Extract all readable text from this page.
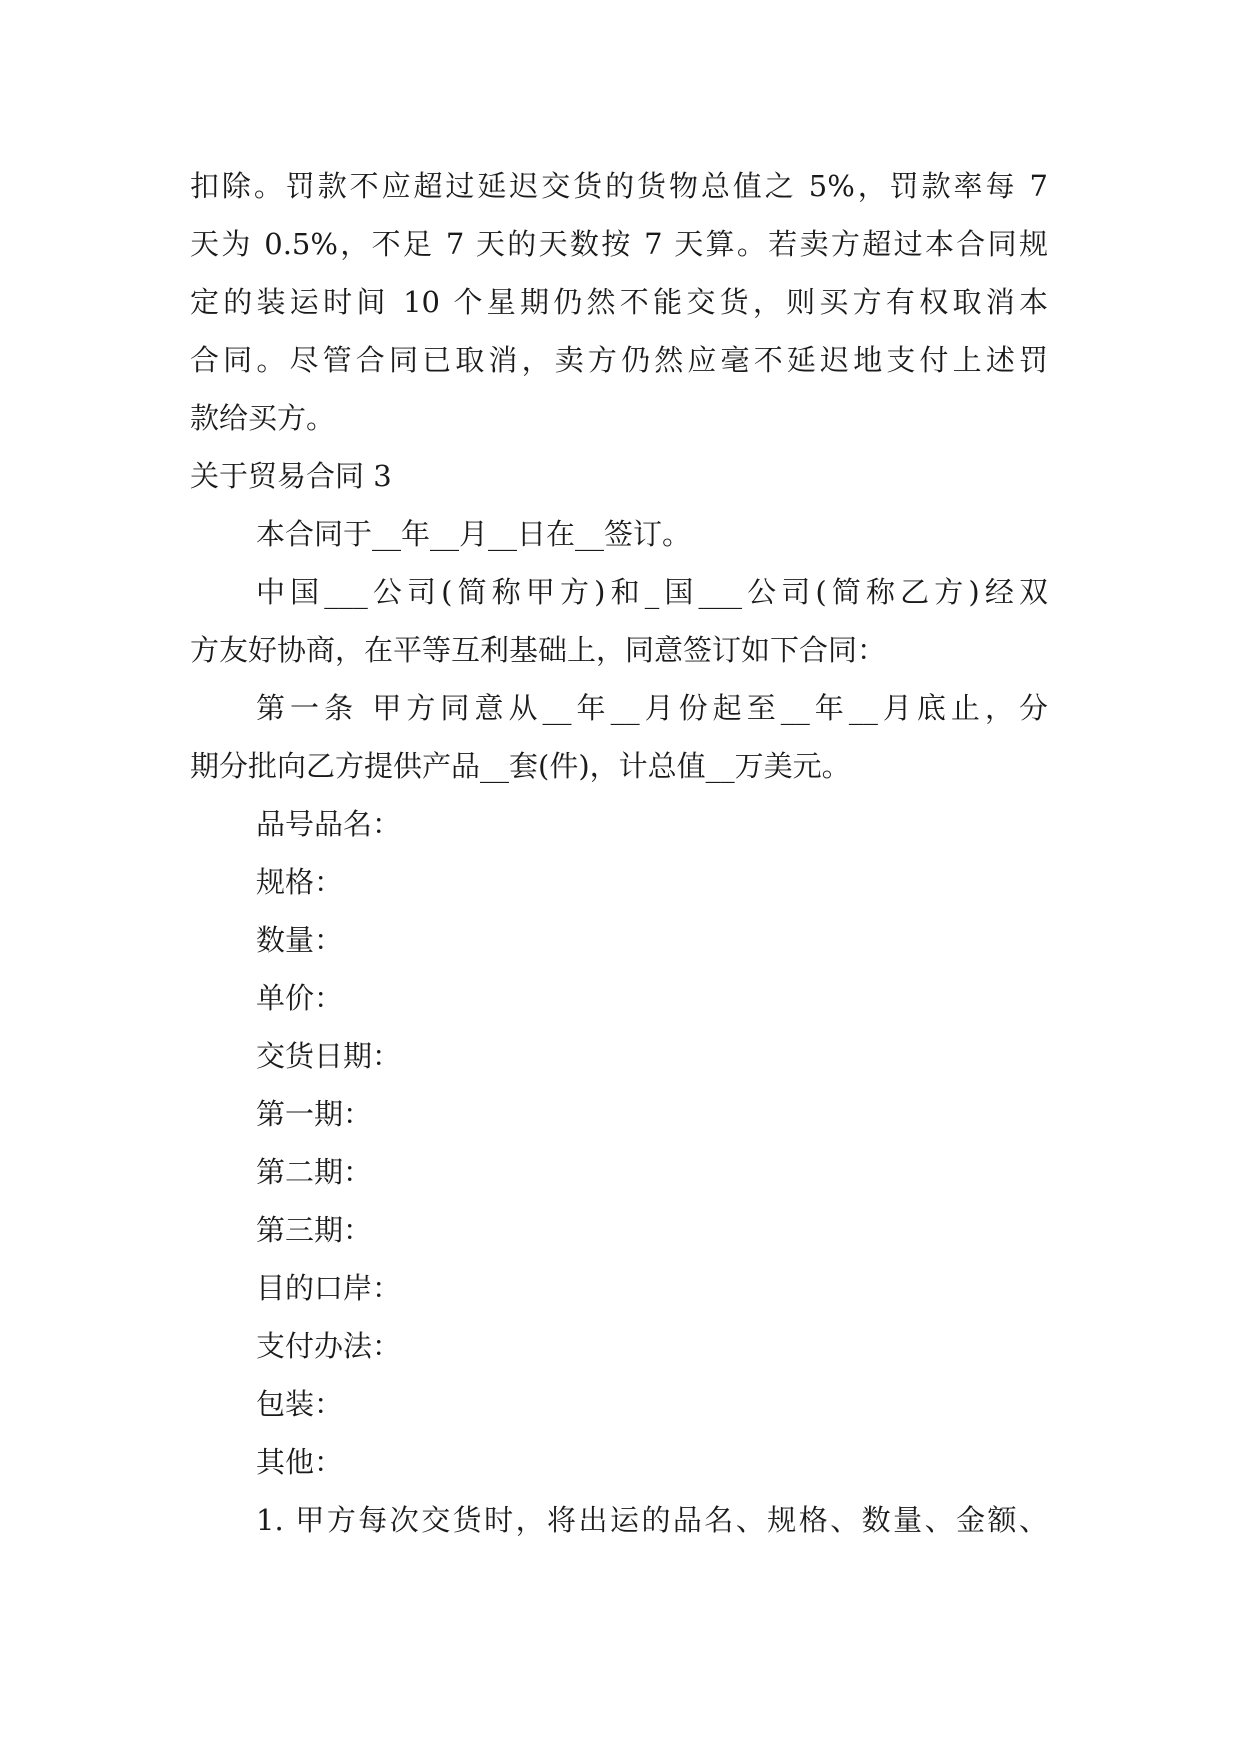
扣除。罚款不应超过延迟交货的货物总值之 5%，罚款率每 7
天为 0.5%，不足 7 天的天数按 7 天算。若卖方超过本合同规
定的装运时间 10 个星期仍然不能交货，则买方有权取消本
合同。尽管合同已取消，卖方仍然应毫不延迟地支付上述罚
款给买方。
关于贸易合同 3
本合同于__年__月__日在__签订。
中国___公司(简称甲方)和_国___公司(简称乙方)经双
方友好协商，在平等互利基础上，同意签订如下合同：
第一条 甲方同意从__年__月份起至__年__月底止，分
期分批向乙方提供产品__套(件)，计总值__万美元。
品号品名：
规格：
数量：
单价：
交货日期：
第一期：
第二期：
第三期：
目的口岸：
支付办法：
包装：
其他：
1. 甲方每次交货时，将出运的品名、规格、数量、金额、
